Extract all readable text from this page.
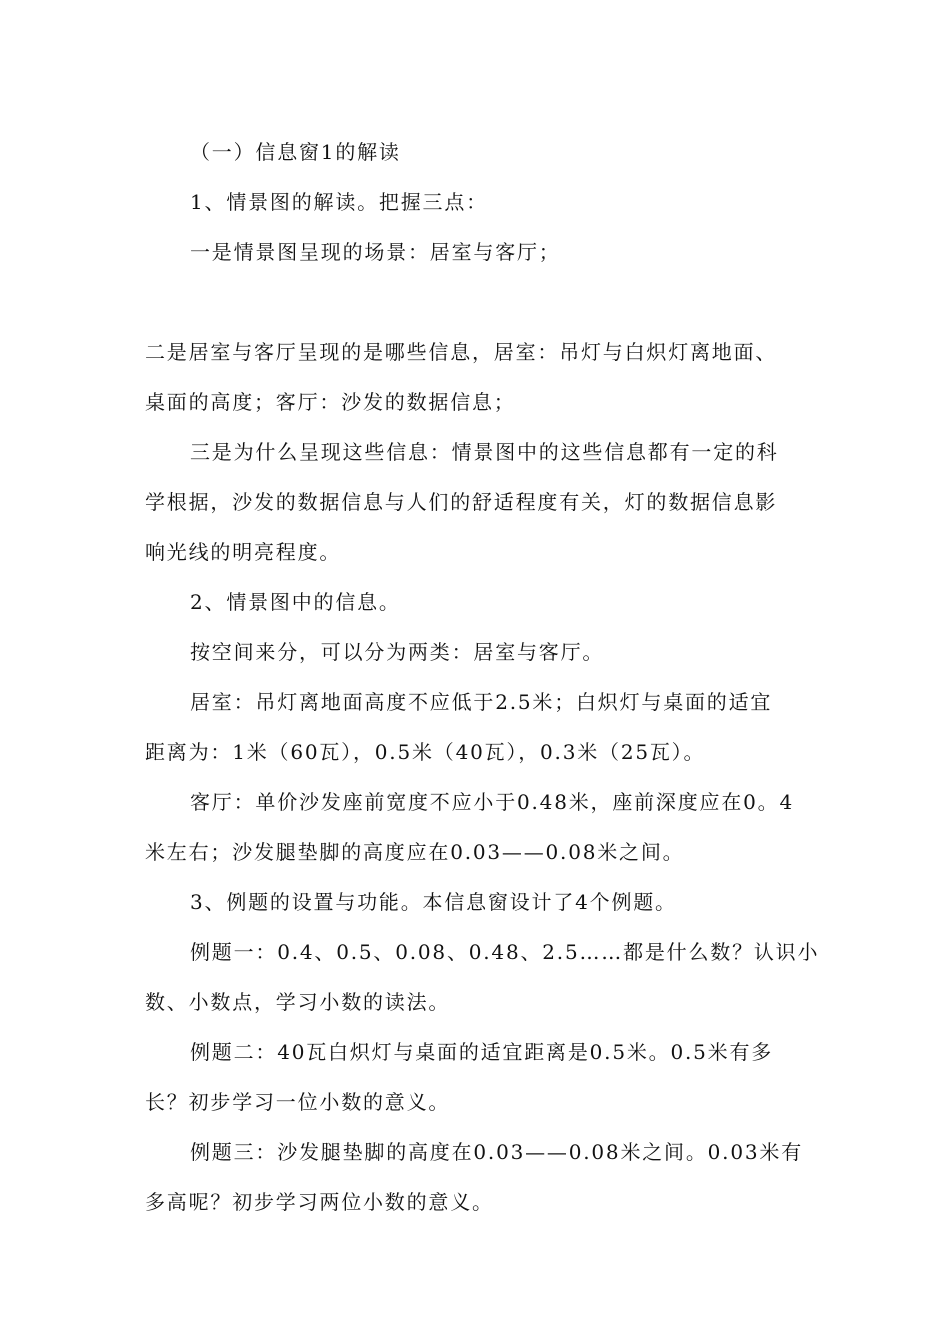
（一）信息窗1的解读
1、情景图的解读。把握三点：
一是情景图呈现的场景：居室与客厅；
二是居室与客厅呈现的是哪些信息，居室：吊灯与白炽灯离地面、
桌面的高度；客厅：沙发的数据信息；
三是为什么呈现这些信息：情景图中的这些信息都有一定的科
学根据，沙发的数据信息与人们的舒适程度有关，灯的数据信息影
响光线的明亮程度。
2、情景图中的信息。
按空间来分，可以分为两类：居室与客厅。
居室：吊灯离地面高度不应低于2.5米；白炽灯与桌面的适宜
距离为：1米（60瓦），0.5米（40瓦），0.3米（25瓦）。
客厅：单价沙发座前宽度不应小于0.48米，座前深度应在0。4
米左右；沙发腿垫脚的高度应在0.03——0.08米之间。
3、例题的设置与功能。本信息窗设计了4个例题。
例题一：0.4、0.5、0.08、0.48、2.5……都是什么数？认识小
数、小数点，学习小数的读法。
例题二：40瓦白炽灯与桌面的适宜距离是0.5米。0.5米有多
长？初步学习一位小数的意义。
例题三：沙发腿垫脚的高度在0.03——0.08米之间。0.03米有
多高呢？初步学习两位小数的意义。
